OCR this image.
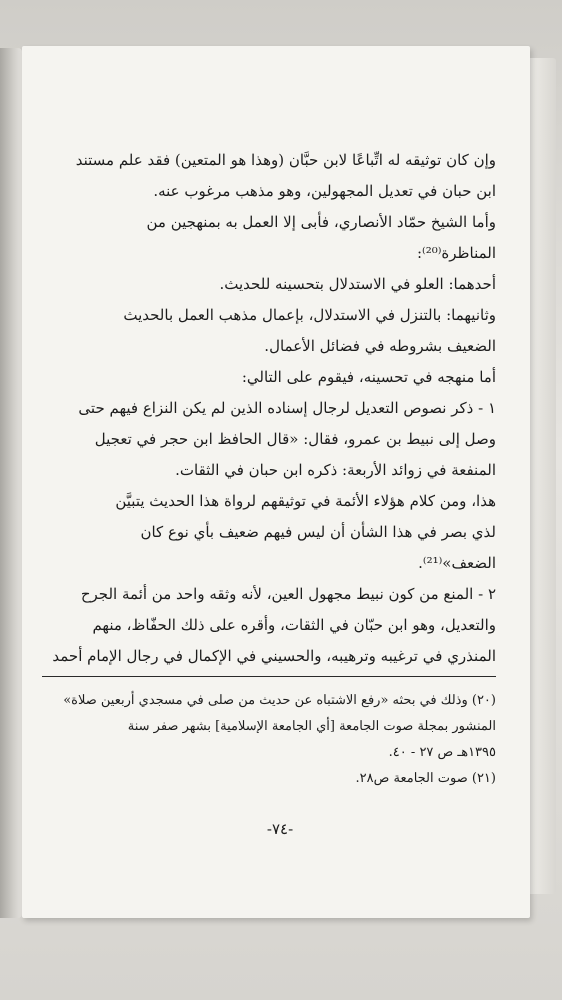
وإن كان توثيقه له اتِّباعًا لابن حبَّان (وهذا هو المتعين) فقد علم مستند
ابن حبان في تعديل المجهولين، وهو مذهب مرغوب عنه.
وأما الشيخ حمّاد الأنصاري، فأبى إلا العمل به بمنهجين من
المناظرة⁽²⁰⁾:
أحدهما: العلو في الاستدلال بتحسينه للحديث.
وثانيهما: بالتنزل في الاستدلال، بإعمال مذهب العمل بالحديث
الضعيف بشروطه في فضائل الأعمال.
أما منهجه في تحسينه، فيقوم على التالي:
١ - ذكر نصوص التعديل لرجال إسناده الذين لم يكن النزاع فيهم حتى
وصل إلى نبيط بن عمرو، فقال: «قال الحافظ ابن حجر في تعجيل
المنفعة في زوائد الأربعة: ذكره ابن حبان في الثقات.
هذا، ومن كلام هؤلاء الأئمة في توثيقهم لرواة هذا الحديث يتبيَّن
لذي بصر في هذا الشأن أن ليس فيهم ضعيف بأي نوع كان
الضعف»⁽²¹⁾.
٢ - المنع من كون نبيط مجهول العين، لأنه وثقه واحد من أئمة الجرح
والتعديل، وهو ابن حبّان في الثقات، وأقره على ذلك الحفّاظ، منهم
المنذري في ترغيبه وترهيبه، والحسيني في الإكمال في رجال الإمام أحمد
(٢٠) وذلك في بحثه «رفع الاشتباه عن حديث من صلى في مسجدي أربعين صلاة»
المنشور بمجلة صوت الجامعة [أي الجامعة الإسلامية] بشهر صفر سنة
١٣٩٥هـ ص ٢٧ - ٤٠.
(٢١) صوت الجامعة ص٢٨.
-٧٤-
